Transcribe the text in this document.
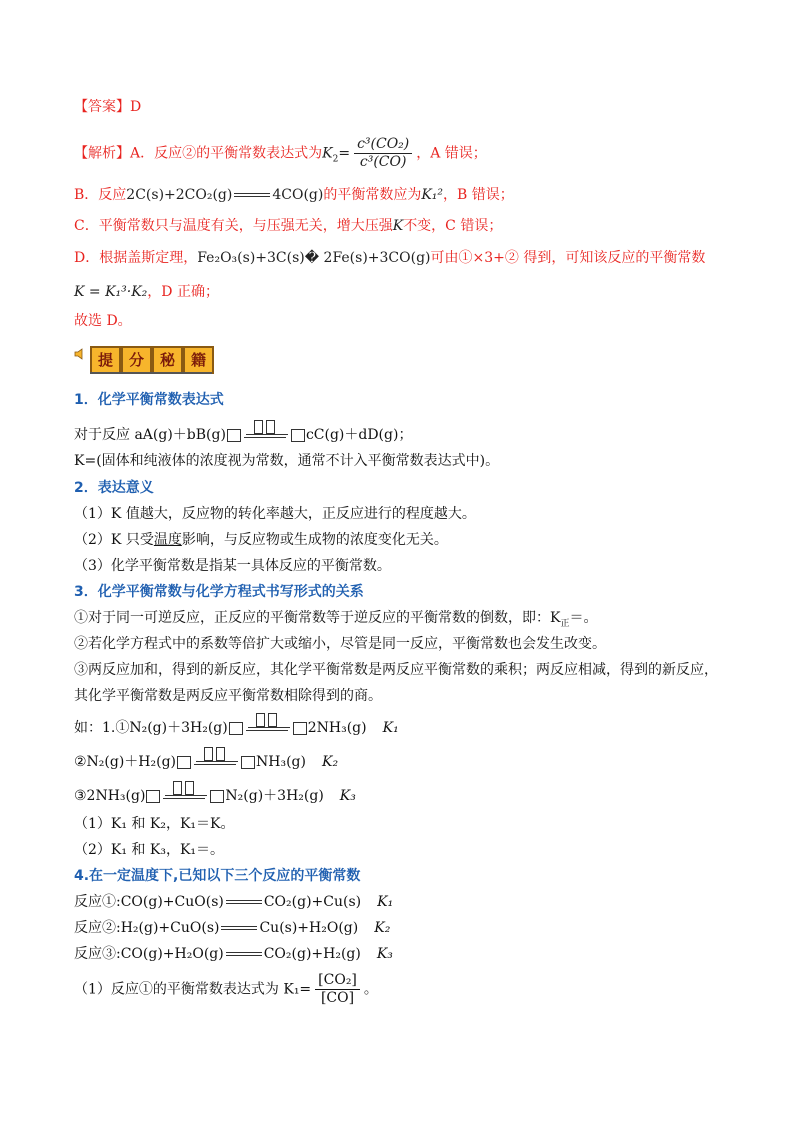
【答案】D
【解析】A．反应②的平衡常数表达式为$K_2= \frac{\text{c³(CO₂)}}{\text{c³(CO)}}$ ，A 错误；
B．反应2C(s)+2CO₂(g)	4CO(g)的平衡常数应为K₁²，B 错误；
C．平衡常数只与温度有关，与压强无关，增大压强K不变，C 错误；
D．根据盖斯定理，Fe₂O₃(s)+3C(s)� 2Fe(s)+3CO(g)可由①×3+② 得到，可知该反应的平衡常数
K = K₁³·K₂，D 正确；
故选 D。
提	分	秘	籍
1．化学平衡常数表达式
对于反应 aA(g)＋bB(g) ⇌ cC(g)＋dD(g)；
K=(固体和纯液体的浓度视为常数，通常不计入平衡常数表达式中)。
2．表达意义
（1）K 值越大，反应物的转化率越大，正反应进行的程度越大。
（2）K 只受温度影响，与反应物或生成物的浓度变化无关。
（3）化学平衡常数是指某一具体反应的平衡常数。
3．化学平衡常数与化学方程式书写形式的关系
①对于同一可逆反应，正反应的平衡常数等于逆反应的平衡常数的倒数，即：$K_正=$。
②若化学方程式中的系数等倍扩大或缩小，尽管是同一反应，平衡常数也会发生改变。
③两反应加和，得到的新反应，其化学平衡常数是两反应平衡常数的乘积；两反应相减，得到的新反应，
其化学平衡常数是两反应平衡常数相除得到的商。
如：1.①N₂(g)＋3H₂(g) ⇌ 2NH₃(g) K₁
②N₂(g)＋H₂(g) ⇌ NH₃(g) K₂
③2NH₃(g) ⇌ N₂(g)＋3H₂(g) K₃
（1）K₁ 和 K₂，K₁＝K。
（2）K₁ 和 K₃，K₁＝。
4.在一定温度下,已知以下三个反应的平衡常数
反应①:CO(g)+CuO(s)	CO₂(g)+Cu(s) K₁
反应②:H₂(g)+CuO(s)	Cu(s)+H₂O(g) K₂
反应③:CO(g)+H₂O(g)	CO₂(g)+H₂(g) K₃
（1）反应①的平衡常数表达式为 $K_1= \frac{\text{[CO₂]}}{[CO]}$ 。
